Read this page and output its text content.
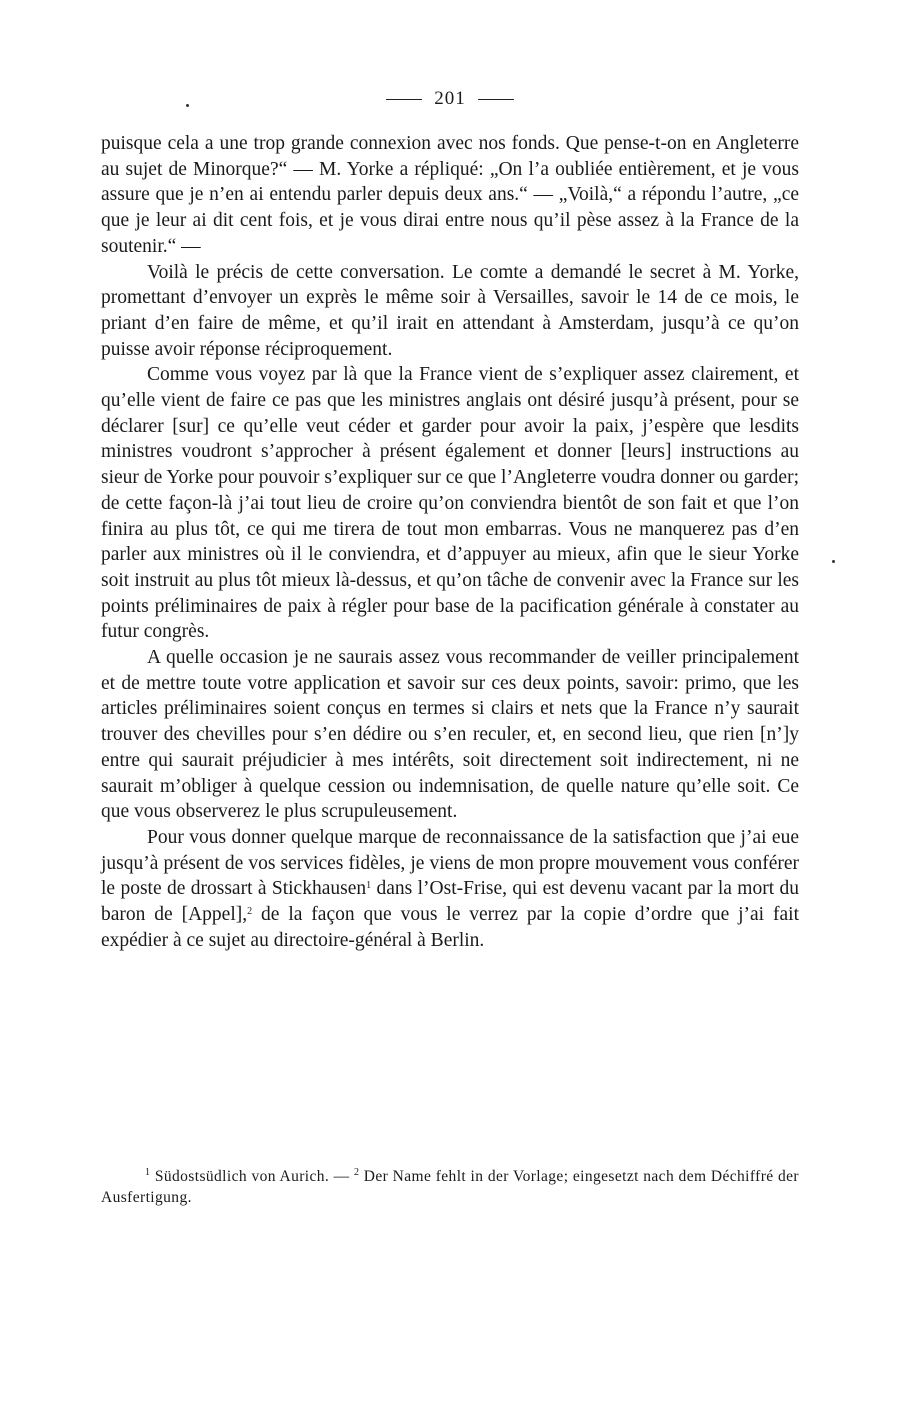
201

puisque cela a une trop grande connexion avec nos fonds. Que pense-t-on en Angleterre au sujet de Minorque?“ — M. Yorke a répliqué: „On l’a oubliée entièrement, et je vous assure que je n’en ai entendu parler depuis deux ans.“ — „Voilà,“ a répondu l’autre, „ce que je leur ai dit cent fois, et je vous dirai entre nous qu’il pèse assez à la France de la soutenir.“ —

Voilà le précis de cette conversation. Le comte a demandé le secret à M. Yorke, promettant d’envoyer un exprès le même soir à Versailles, savoir le 14 de ce mois, le priant d’en faire de même, et qu’il irait en attendant à Amsterdam, jusqu’à ce qu’on puisse avoir réponse réciproquement.

Comme vous voyez par là que la France vient de s’expliquer assez clairement, et qu’elle vient de faire ce pas que les ministres anglais ont désiré jusqu’à présent, pour se déclarer [sur] ce qu’elle veut céder et garder pour avoir la paix, j’espère que lesdits ministres voudront s’approcher à présent également et donner [leurs] instructions au sieur de Yorke pour pouvoir s’expliquer sur ce que l’Angleterre voudra donner ou garder; de cette façon-là j’ai tout lieu de croire qu’on conviendra bientôt de son fait et que l’on finira au plus tôt, ce qui me tirera de tout mon embarras. Vous ne manquerez pas d’en parler aux ministres où il le conviendra, et d’appuyer au mieux, afin que le sieur Yorke soit instruit au plus tôt mieux là-dessus, et qu’on tâche de convenir avec la France sur les points préliminaires de paix à régler pour base de la pacification générale à constater au futur congrès.

A quelle occasion je ne saurais assez vous recommander de veiller principalement et de mettre toute votre application et savoir sur ces deux points, savoir: primo, que les articles préliminaires soient conçus en termes si clairs et nets que la France n’y saurait trouver des chevilles pour s’en dédire ou s’en reculer, et, en second lieu, que rien [n’]y entre qui saurait préjudicier à mes intérêts, soit directement soit indirectement, ni ne saurait m’obliger à quelque cession ou indemnisation, de quelle nature qu’elle soit. Ce que vous observerez le plus scrupuleusement.

Pour vous donner quelque marque de reconnaissance de la satisfaction que j’ai eue jusqu’à présent de vos services fidèles, je viens de mon propre mouvement vous conférer le poste de drossart à Stickhausen$^1$ dans l’Ost-Frise, qui est devenu vacant par la mort du baron de [Appel],$^2$ de la façon que vous le verrez par la copie d’ordre que j’ai fait expédier à ce sujet au directoire-général à Berlin.

$^1$ Südostsüdlich von Aurich. — $^2$ Der Name fehlt in der Vorlage; eingesetzt nach dem Déchiffré der Ausfertigung.
